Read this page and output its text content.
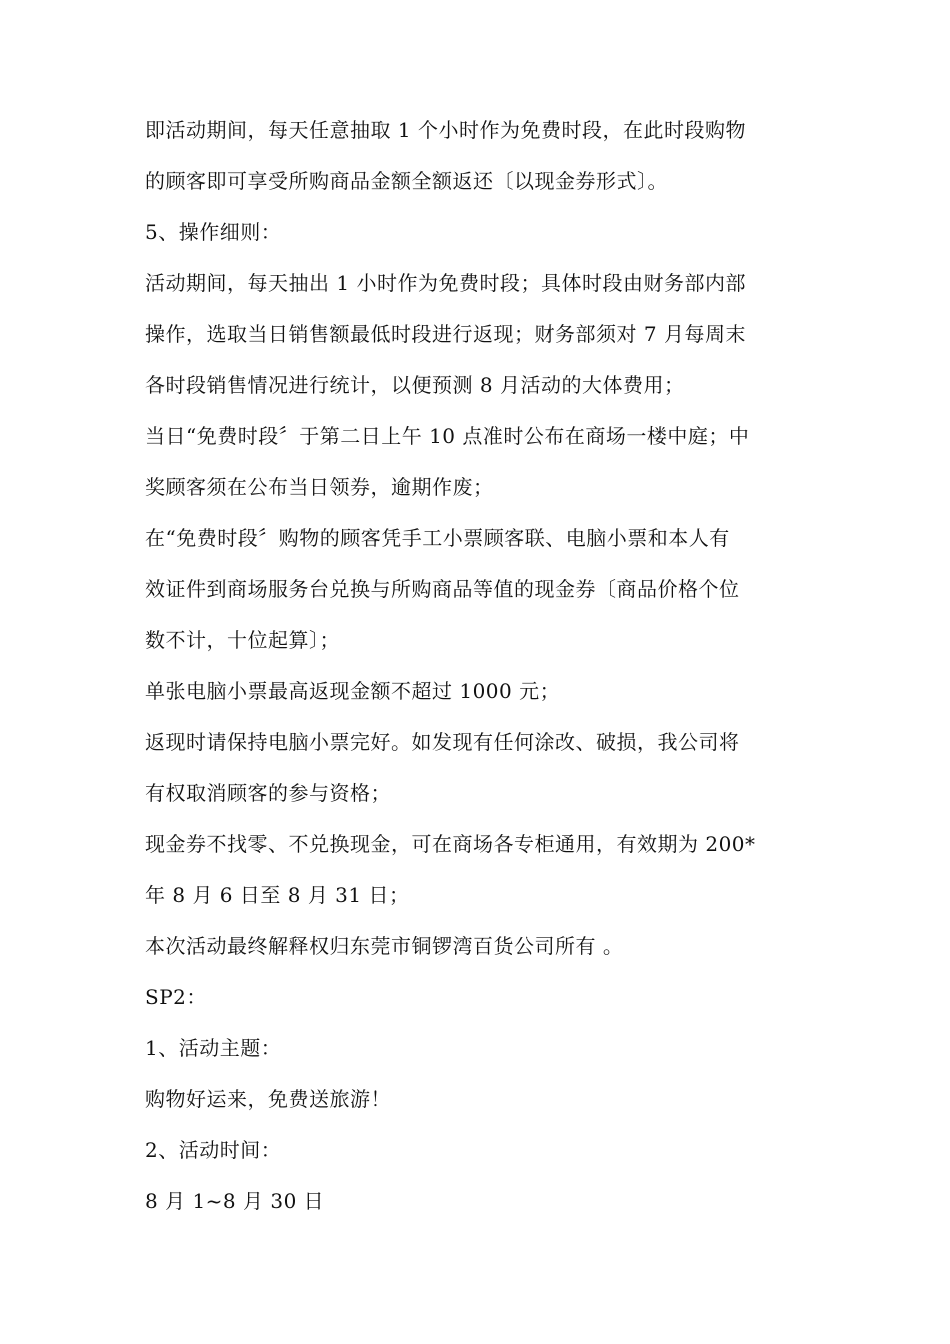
即活动期间，每天任意抽取 1 个小时作为免费时段，在此时段购物
的顾客即可享受所购商品金额全额返还〔以现金券形式〕。
5、操作细则：
活动期间，每天抽出 1 小时作为免费时段；具体时段由财务部内部
操作，选取当日销售额最低时段进行返现；财务部须对 7 月每周末
各时段销售情况进行统计，以便预测 8 月活动的大体费用；
当日“免费时段〞于第二日上午 10 点准时公布在商场一楼中庭；中
奖顾客须在公布当日领券，逾期作废；
在“免费时段〞购物的顾客凭手工小票顾客联、电脑小票和本人有
效证件到商场服务台兑换与所购商品等值的现金券〔商品价格个位
数不计，十位起算〕；
单张电脑小票最高返现金额不超过 1000 元；
返现时请保持电脑小票完好。如发现有任何涂改、破损，我公司将
有权取消顾客的参与资格；
现金券不找零、不兑换现金，可在商场各专柜通用，有效期为 200*
年 8 月 6 日至 8 月 31 日；
本次活动最终解释权归东莞市铜锣湾百货公司所有 。
SP2：
1、活动主题：
购物好运来，免费送旅游！
2、活动时间：
8 月 1~8 月 30 日
